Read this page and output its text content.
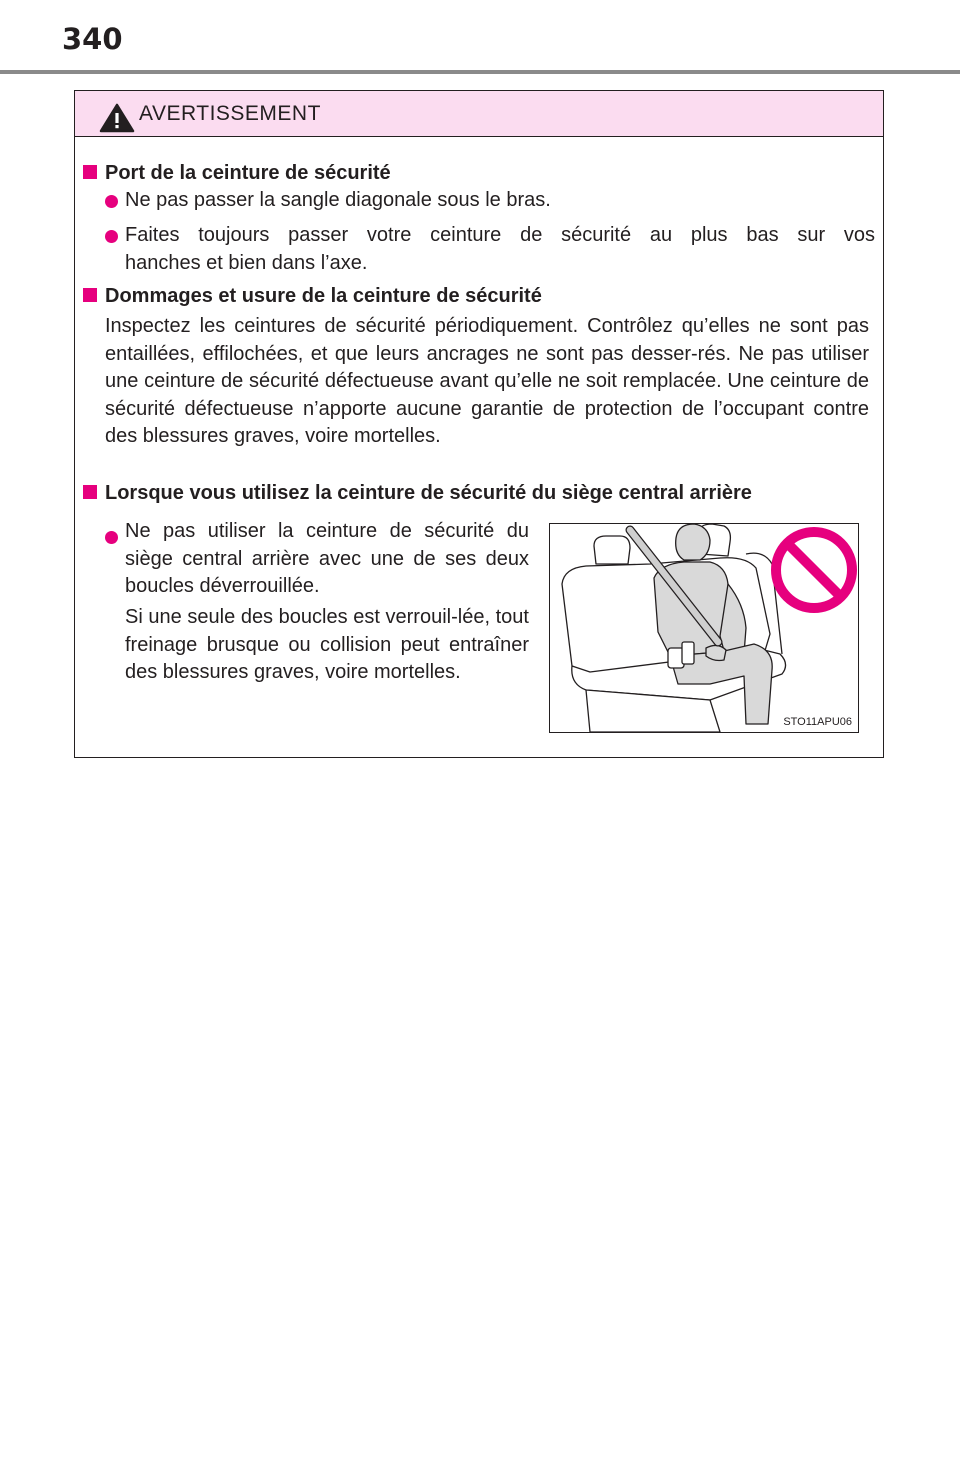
340
AVERTISSEMENT
Port de la ceinture de sécurité
Ne pas passer la sangle diagonale sous le bras.
Faites toujours passer votre ceinture de sécurité au plus bas sur vos
hanches et bien dans l’axe.
Dommages et usure de la ceinture de sécurité
Inspectez les ceintures de sécurité périodiquement. Contrôlez qu’elles ne sont pas entaillées, effilochées, et que leurs ancrages ne sont pas desser-rés. Ne pas utiliser une ceinture de sécurité défectueuse avant qu’elle ne soit remplacée. Une ceinture de sécurité défectueuse n’apporte aucune garantie de protection de l’occupant contre des blessures graves, voire mortelles.
Lorsque vous utilisez la ceinture de sécurité du siège central arrière
Ne pas utiliser la ceinture de sécurité du siège central arrière avec une de ses deux boucles déverrouillée.
Si une seule des boucles est verrouil-lée, tout freinage brusque ou collision peut entraîner des blessures graves, voire mortelles.
STO11APU06
